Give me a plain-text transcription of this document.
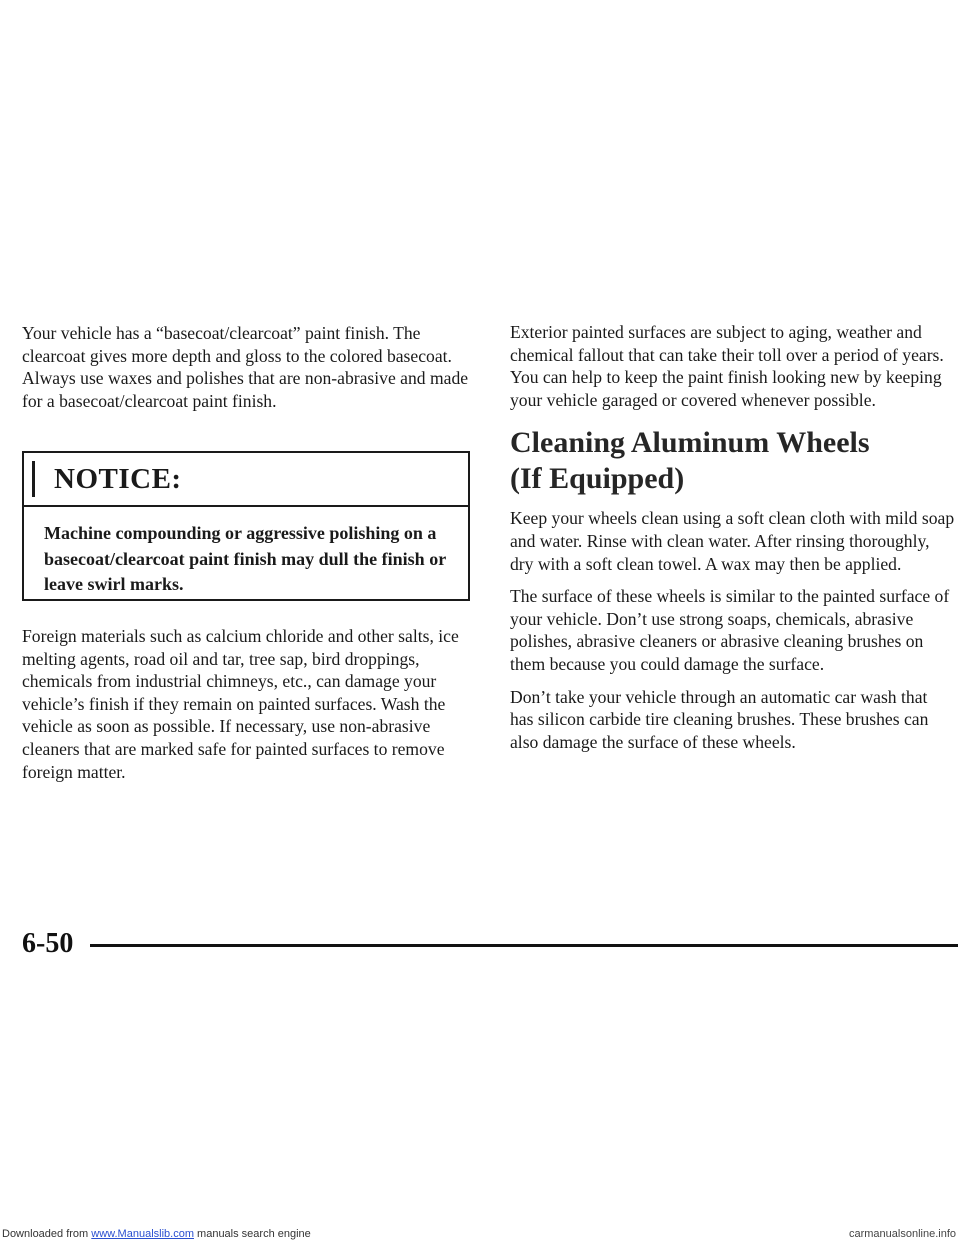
Your vehicle has a “basecoat/clearcoat” paint finish. The clearcoat gives more depth and gloss to the colored basecoat. Always use waxes and polishes that are non-abrasive and made for a basecoat/clearcoat paint finish.

NOTICE:
Machine compounding or aggressive polishing on a basecoat/clearcoat paint finish may dull the finish or leave swirl marks.

Foreign materials such as calcium chloride and other salts, ice melting agents, road oil and tar, tree sap, bird droppings, chemicals from industrial chimneys, etc., can damage your vehicle’s finish if they remain on painted surfaces. Wash the vehicle as soon as possible. If necessary, use non-abrasive cleaners that are marked safe for painted surfaces to remove foreign matter.

Exterior painted surfaces are subject to aging, weather and chemical fallout that can take their toll over a period of years. You can help to keep the paint finish looking new by keeping your vehicle garaged or covered whenever possible.

Cleaning Aluminum Wheels
(If Equipped)

Keep your wheels clean using a soft clean cloth with mild soap and water. Rinse with clean water. After rinsing thoroughly, dry with a soft clean towel. A wax may then be applied.

The surface of these wheels is similar to the painted surface of your vehicle. Don’t use strong soaps, chemicals, abrasive polishes, abrasive cleaners or abrasive cleaning brushes on them because you could damage the surface.

Don’t take your vehicle through an automatic car wash that has silicon carbide tire cleaning brushes. These brushes can also damage the surface of these wheels.

6-50
Downloaded from www.Manualslib.com manuals search engine	carmanualsonline.info
